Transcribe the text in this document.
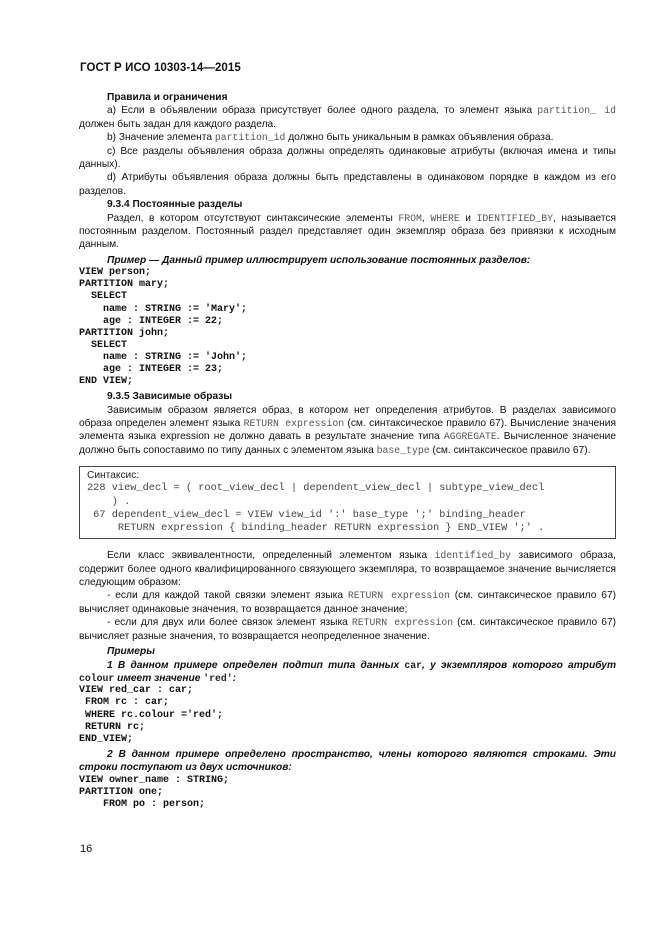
ГОСТ Р ИСО 10303-14—2015

Правила и ограничения

a) Если в объявлении образа присутствует более одного раздела, то элемент языка partition_ id должен быть задан для каждого раздела.

b) Значение элемента partition_id должно быть уникальным в рамках объявления образа.

c) Все разделы объявления образа должны определять одинаковые атрибуты (включая имена и типы данных).

d) Атрибуты объявления образа должны быть представлены в одинаковом порядке в каждом из его разделов.

9.3.4 Постоянные разделы

Раздел, в котором отсутствуют синтаксические элементы FROM, WHERE и IDENTIFIED_BY, называется постоянным разделом. Постоянный раздел представляет один экземпляр образа без привязки к исходным данным.

Пример — Данный пример иллюстрирует использование постоянных разделов:

VIEW person;
PARTITION mary;
SELECT
name : STRING := 'Mary';
age : INTEGER := 22;
PARTITION john;
SELECT
name : STRING := 'John';
age : INTEGER := 23;
END VIEW;

9.3.5 Зависимые образы

Зависимым образом является образ, в котором нет определения атрибутов. В разделах зависимого образа определен элемент языка RETURN expression (см. синтаксическое правило 67). Вычисление значения элемента языка expression не должно давать в результате значение типа AGGREGATE. Вычисленное значение должно быть сопоставимо по типу данных с элементом языка base_type (см. синтаксическое правило 67).

Синтаксис:
228 view_decl = ( root_view_decl | dependent_view_decl | subtype_view_decl
) .
67 dependent_view_decl = VIEW view_id ':' base_type ';' binding_header
RETURN expression { binding_header RETURN expression } END_VIEW ';' .

Если класс эквивалентности, определенный элементом языка identified_by зависимого образа, содержит более одного квалифицированного связующего экземпляра, то возвращаемое значение вычисляется следующим образом:

- если для каждой такой связки элемент языка RETURN expression (см. синтаксическое правило 67) вычисляет одинаковые значения, то возвращается данное значение;

- если для двух или более связок элемент языка RETURN expression (см. синтаксическое правило 67) вычисляет разные значения, то возвращается неопределенное значение.

Примеры

1 В данном примере определен подтип типа данных car, у экземпляров которого атрибут colour имеет значение 'red':

VIEW red_car : car;
FROM rc : car;
WHERE rc.colour ='red';
RETURN rc;
END_VIEW;

2 В данном примере определено пространство, члены которого являются строками. Эти строки поступают из двух источников:

VIEW owner_name : STRING;
PARTITION one;
FROM po : person;
16
